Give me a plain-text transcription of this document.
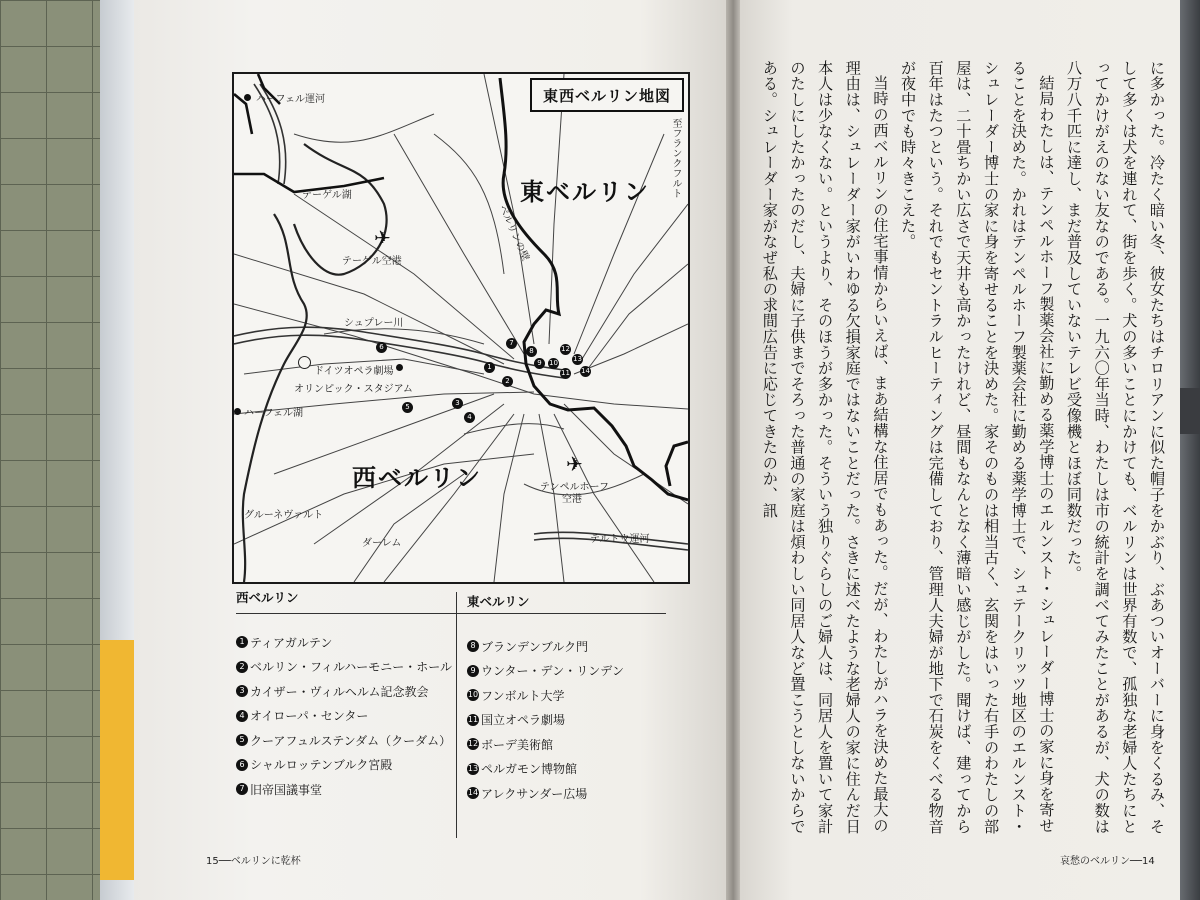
東西ベルリン地図
ハーフェル運河
至フランクフルト
東ベルリン
テーゲル湖
ベルリンの壁
✈
テーゲル空港
シュプレー川
6
ドイツオペラ劇場
オリンピック・スタジアム
ハーフェル湖
5
1
2
3
4
7
8
9	10
11
12
13
14
西ベルリン	✈
テンペルホーフ
空港
グルーネヴァルト
ダーレム	テルトウ運河
西ベルリン
1 ティアガルテン
2 ベルリン・フィルハーモニー・ホール
3 カイザー・ヴィルヘルム記念教会
4 オイローパ・センター
5 クーアフュルステンダム（クーダム）
6 シャルロッテンブルク宮殿
7 旧帝国議事堂
東ベルリン
8 ブランデンブルク門
9 ウンター・デン・リンデン
10 フンボルト大学
11 国立オペラ劇場
12 ボーデ美術館
13 ペルガモン博物館
14 アレクサンダー広場
15──ベルリンに乾杯

に多かった。冷たく暗い冬、彼女たちはチロリアンに似た帽子をかぶり、ぶあついオーバーに身をくるみ、そして多くは犬を連れて、街を歩く。犬の多いことにかけても、ベルリンは世界有数で、孤独な老婦人たちにとってかけがえのない友なのである。一九六〇年当時、わたしは市の統計を調べてみたことがあるが、犬の数は八万八千匹に達し、まだ普及していないテレビ受像機とほぼ同数だった。

結局わたしは、テンペルホーフ製薬会社に勤める薬学博士のエルンスト・シュレーダー博士の家に身を寄せることを決めた。かれはテンペルホーフ製薬会社に勤める薬学博士で、シュテークリッツ地区のエルンスト・シュレーダー博士の家に身を寄せることを決めた。家そのものは相当古く、玄関をはいった右手のわたしの部屋は、二十畳ちかい広さで天井も高かったけれど、昼間もなんとなく薄暗い感じがした。聞けば、建ってから百年はたつという。それでもセントラルヒーティングは完備しており、管理人夫婦が地下で石炭をくべる物音が夜中でも時々きこえた。

当時の西ベルリンの住宅事情からいえば、まあ結構な住居でもあった。だが、わたしがハラを決めた最大の理由は、シュレーダー家がいわゆる欠損家庭ではないことだった。さきに述べたような老婦人の家に住んだ日本人は少なくない。というより、そのほうが多かった。そういう独りぐらしのご婦人は、同居人を置いて家計のたしにしたかったのだし、夫婦に子供までそろった普通の家庭は煩わしい同居人など置こうとしないからである。シュレーダー家がなぜ私の求間広告に応じてきたのか、訊

哀愁のベルリン──14
